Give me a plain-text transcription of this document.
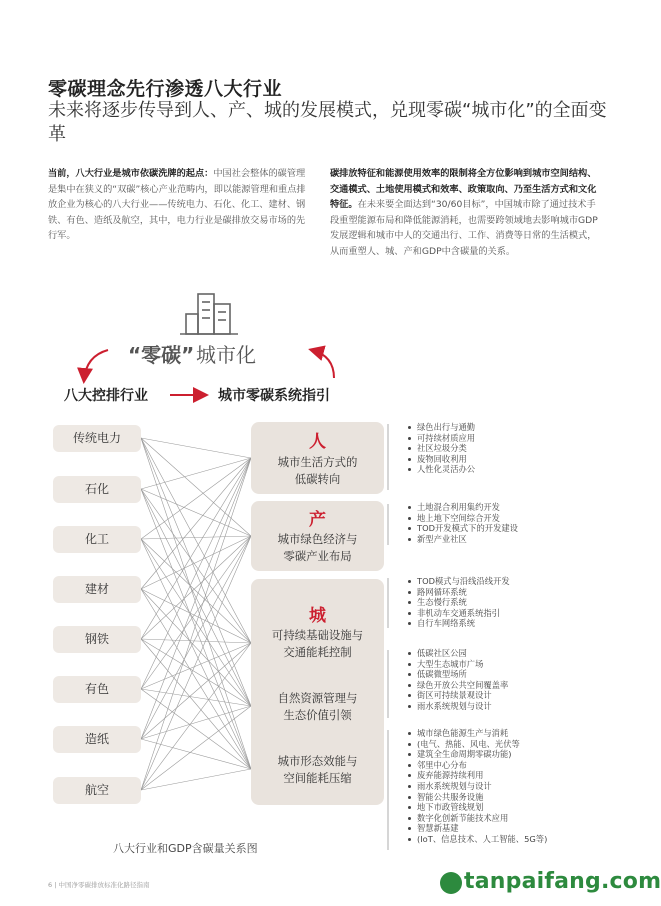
零碳理念先行渗透八大行业
未来将逐步传导到人、产、城的发展模式，兑现零碳“城市化”的全面变革
当前，八大行业是城市依碳洗牌的起点：中国社会整体的碳管理是集中在狭义的“双碳”核心产业范畴内，即以能源管理和重点排放企业为核心的八大行业——传统电力、石化、化工、建材、钢铁、有色、造纸及航空，其中，电力行业是碳排放交易市场的先行军。
碳排放特征和能源使用效率的限制将全方位影响到城市空间结构、交通模式、土地使用模式和效率、政策取向、乃至生活方式和文化特征。在未来要全面达到“30/60目标”，中国城市除了通过技术手段重塑能源布局和降低能源消耗，也需要跨领域地去影响城市GDP发展逻辑和城市中人的交通出行、工作、消费等日常的生活模式，从而重塑人、城、产和GDP中含碳量的关系。
“零碳” 城市化
八大控排行业	城市零碳系统指引
传统电力
石化
化工
建材
钢铁
有色
造纸
航空
人
城市生活方式的
低碳转向
产
城市绿色经济与
零碳产业布局
城
可持续基础设施与
交通能耗控制
自然资源管理与
生态价值引领
城市形态效能与
空间能耗压缩
绿色出行与通勤
可持续材质应用
社区垃圾分类
废物回收利用
人性化灵活办公
土地混合利用集约开发
地上地下空间综合开发
TOD开发模式下的开发建设
新型产业社区
TOD模式与沿线沿线开发
路网循环系统
生态慢行系统
非机动车交通系统指引
自行车网络系统
低碳社区公园
大型生态城市广场
低碳微型场所
绿色开放公共空间覆盖率
街区可持续景观设计
雨水系统规划与设计
城市绿色能源生产与消耗
(电气、热能、风电、光伏等
建筑全生命周期零碳功能)
邻里中心分布
废弃能源持续利用
雨水系统规划与设计
智能公共服务设施
地下市政管线规划
数字化创新节能技术应用
智慧新基建
(IoT、信息技术、人工智能、5G等)
八大行业和GDP含碳量关系图
6 | 中国净零碳排放标准化路径指南	tanpaifang.com
